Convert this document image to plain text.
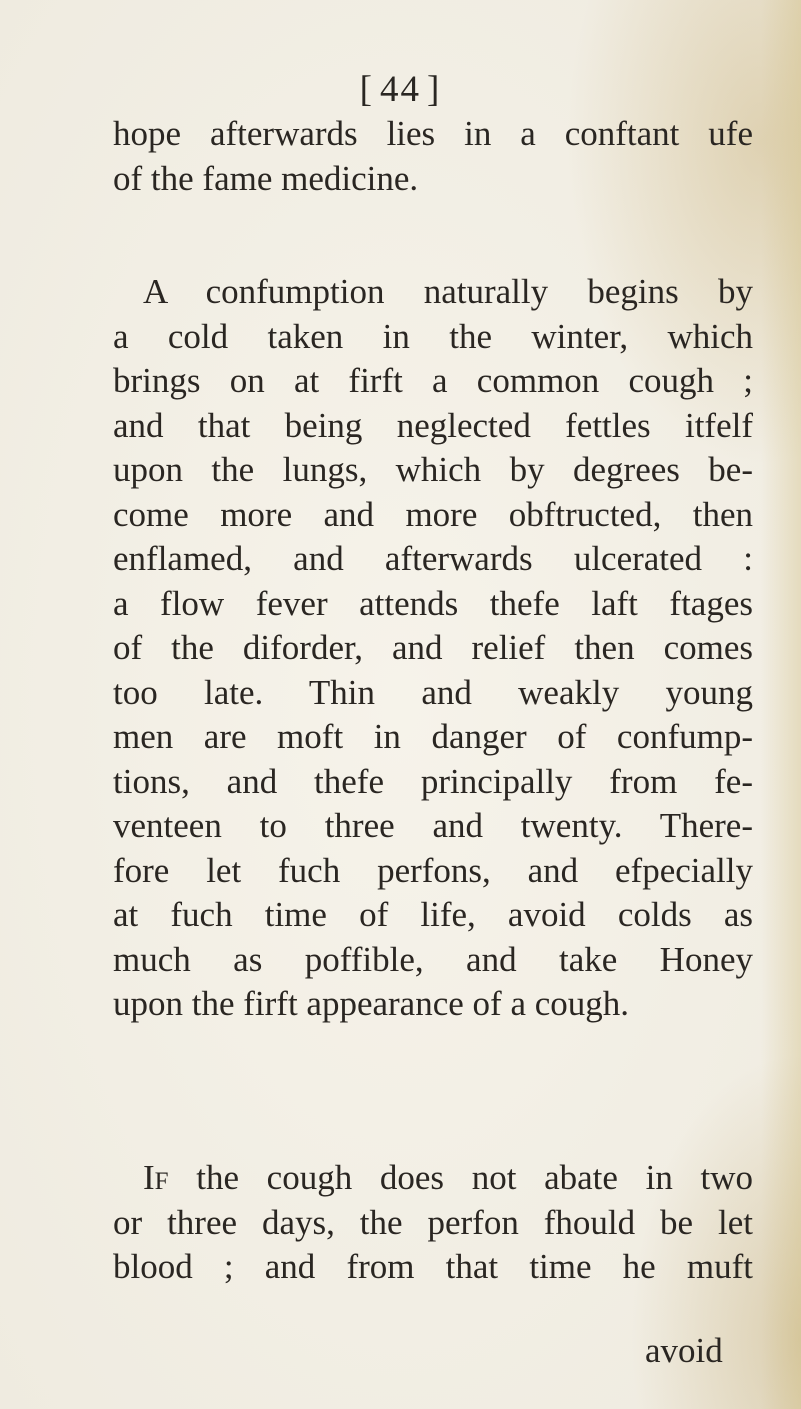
[ 44 ]
hope afterwards lies in a conftant ufe
of the fame medicine.
A confumption naturally begins by
a cold taken in the winter, which
brings on at firft a common cough ;
and that being neglected fettles itfelf
upon the lungs, which by degrees be-
come more and more obftructed, then
enflamed, and afterwards ulcerated :
a flow fever attends thefe laft ftages
of the diforder, and relief then comes
too late. Thin and weakly young
men are moft in danger of confump-
tions, and thefe principally from fe-
venteen to three and twenty. There-
fore let fuch perfons, and efpecially
at fuch time of life, avoid colds as
much as poffible, and take Honey
upon the firft appearance of a cough.
If the cough does not abate in two
or three days, the perfon fhould be let
blood ; and from that time he muft
avoid
